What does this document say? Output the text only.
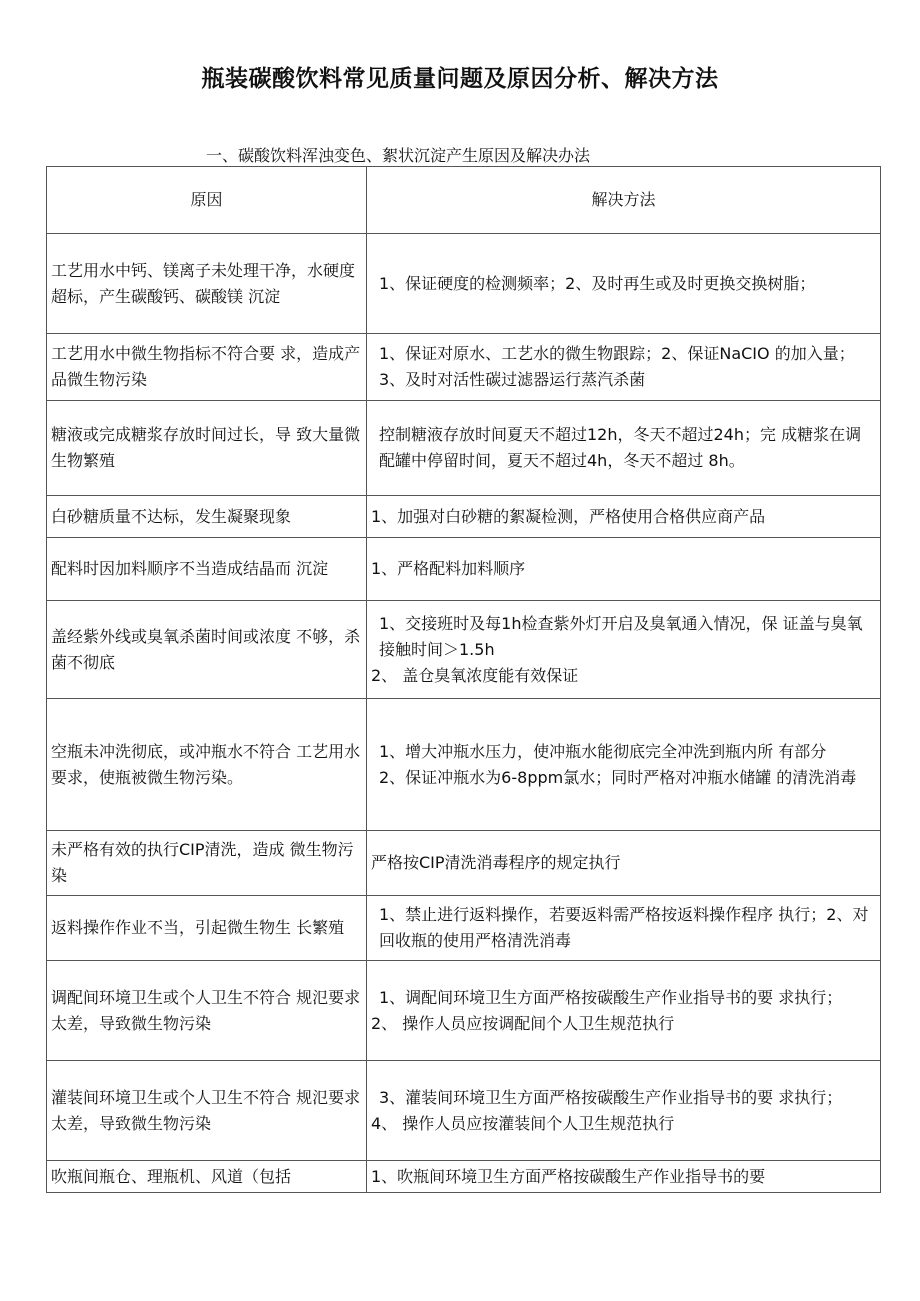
瓶装碳酸饮料常见质量问题及原因分析、解决方法
一、碳酸饮料浑浊变色、絮状沉淀产生原因及解决办法
原因	解决方法
工艺用水中钙、镁离子未处理干净，水硬度超标，产生碳酸钙、碳酸镁 沉淀	1、保证硬度的检测频率；2、及时再生或及时更换交换树脂；

工艺用水中微生物指标不符合要 求，造成产品微生物污染	1、保证对原水、工艺水的微生物跟踪；2、保证NaCIO 的加入量；3、及时对活性碳过滤器运行蒸汽杀菌

糖液或完成糖浆存放时间过长，导 致大量微生物繁殖	控制糖液存放时间夏天不超过12h，冬天不超过24h；完 成糖浆在调配罐中停留时间，夏天不超过4h，冬天不超过 8h。

白砂糖质量不达标，发生凝聚现象	1、加强对白砂糖的絮凝检测，严格使用合格供应商产品

配料时因加料顺序不当造成结晶而 沉淀	1、严格配料加料顺序

盖经紫外线或臭氧杀菌时间或浓度 不够，杀菌不彻底	1、交接班时及每1h检查紫外灯开启及臭氧通入情况，保 证盖与臭氧接触时间＞1.5h
2、 盖仓臭氧浓度能有效保证

空瓶未冲洗彻底，或冲瓶水不符合 工艺用水要求，使瓶被微生物污染。	1、增大冲瓶水压力，使冲瓶水能彻底完全冲洗到瓶内所 有部分
2、保证冲瓶水为6-8ppm氯水；同时严格对冲瓶水储罐 的清洗消毒

未严格有效的执行CIP清洗，造成 微生物污染	严格按CIP清洗消毒程序的规定执行

返料操作作业不当，引起微生物生 长繁殖	1、禁止进行返料操作，若要返料需严格按返料操作程序 执行；2、对回收瓶的使用严格清洗消毒

调配间环境卫生或个人卫生不符合 规氾要求太差，导致微生物污染	1、调配间环境卫生方面严格按碳酸生产作业指导书的要 求执行；
2、 操作人员应按调配间个人卫生规范执行

灌装间环境卫生或个人卫生不符合 规氾要求太差，导致微生物污染	3、灌装间环境卫生方面严格按碳酸生产作业指导书的要 求执行；
4、 操作人员应按灌装间个人卫生规范执行

吹瓶间瓶仓、理瓶机、风道（包括	1、吹瓶间环境卫生方面严格按碳酸生产作业指导书的要
